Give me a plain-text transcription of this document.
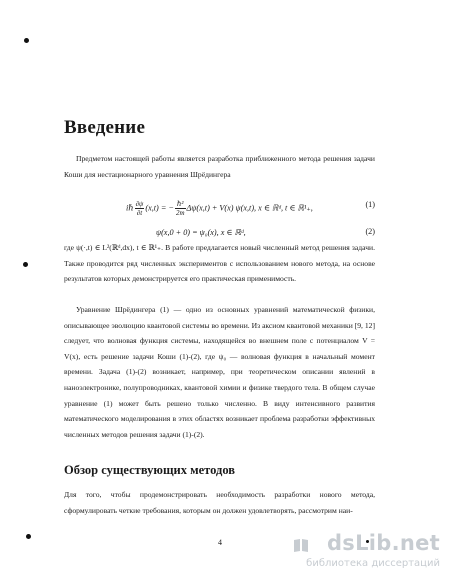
Введение

Предметом настоящей работы является разработка приближенного метода решения задачи Коши для нестационарного уравнения Шрёдингера

iℏ $\frac{\partial\psi}{\partial t} (x,t)$ = − $\frac{\text{ℏ²}}{2m} \Delta\psi(x,t) + V(x)$ ψ(x,t), x ∈ ℝᵈ, t ∈ ℝ¹₊,	(1)
ψ(x,0 + 0) = ψ₀(x), x ∈ ℝᵈ,	(2)

где ψ(·,t) ∈ L²(ℝᵈ,dx), t ∈ ℝ¹₊. В работе предлагается новый численный метод решения задачи. Также проводится ряд численных экспериментов с использованием нового метода, на основе результатов которых демонстрируется его практическая применимость.

Уравнение Шрёдингера (1) — одно из основных уравнений математической физики, описывающее эволюцию квантовой системы во времени. Из аксиом квантовой механики [9, 12] следует, что волновая функция системы, находящейся во внешнем поле с потенциалом V = V(x), есть решение задачи Коши (1)-(2), где ψ₀ — волновая функция в начальный момент времени. Задача (1)-(2) возникает, например, при теоретическом описании явлений в наноэлектронике, полупроводниках, квантовой химии и физике твердого тела. В общем случае уравнение (1) может быть решено только численно. В виду интенсивного развития математического моделирования в этих областях возникает проблема разработки эффективных численных методов решения задачи (1)-(2).

Обзор существующих методов

Для того, чтобы продемонстрировать необходимость разработки нового метода, сформулировать четкие требования, которым он должен удовлетворять, рассмотрим наи-

4	dsLib.net
библиотека диссертаций
